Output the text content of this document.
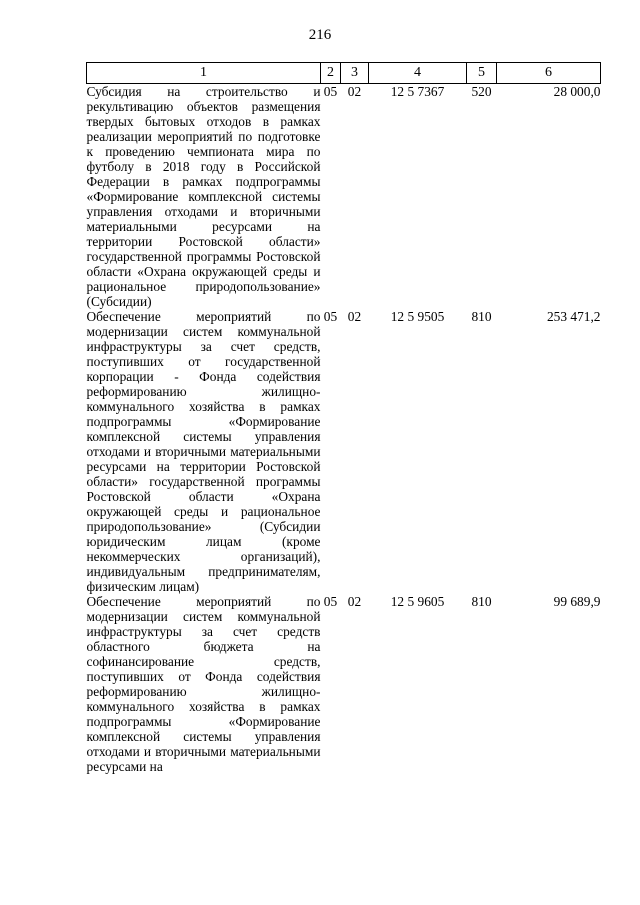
216
1	2	3	4	5	6

Субсидия на строительство и рекультивацию объектов размещения твердых бытовых отходов в рамках реализации мероприятий по подготовке к проведению чемпионата мира по футболу в 2018 году в Российской Федерации в рамках подпрограммы «Формирование комплексной системы управления отходами и вторичными материальными ресурсами на территории Ростовской области» государственной программы Ростовской области «Охрана окружающей среды и рациональное природопользование» (Субсидии)	05	02	12 5 7367	520	28 000,0

Обеспечение мероприятий по модернизации систем коммунальной инфраструктуры за счет средств, поступивших от государственной корпорации - Фонда содействия реформированию жилищно-коммунального хозяйства в рамках подпрограммы «Формирование комплексной системы управления отходами и вторичными материальными ресурсами на территории Ростовской области» государственной программы Ростовской области «Охрана окружающей среды и рациональное природопользование» (Субсидии юридическим лицам (кроме некоммерческих организаций), индивидуальным предпринимателям, физическим лицам)	05	02	12 5 9505	810	253 471,2

Обеспечение мероприятий по модернизации систем коммунальной инфраструктуры за счет средств областного бюджета на софинансирование средств, поступивших от Фонда содействия реформированию жилищно-коммунального хозяйства в рамках подпрограммы «Формирование комплексной системы управления отходами и вторичными материальными ресурсами на	05	02	12 5 9605	810	99 689,9
